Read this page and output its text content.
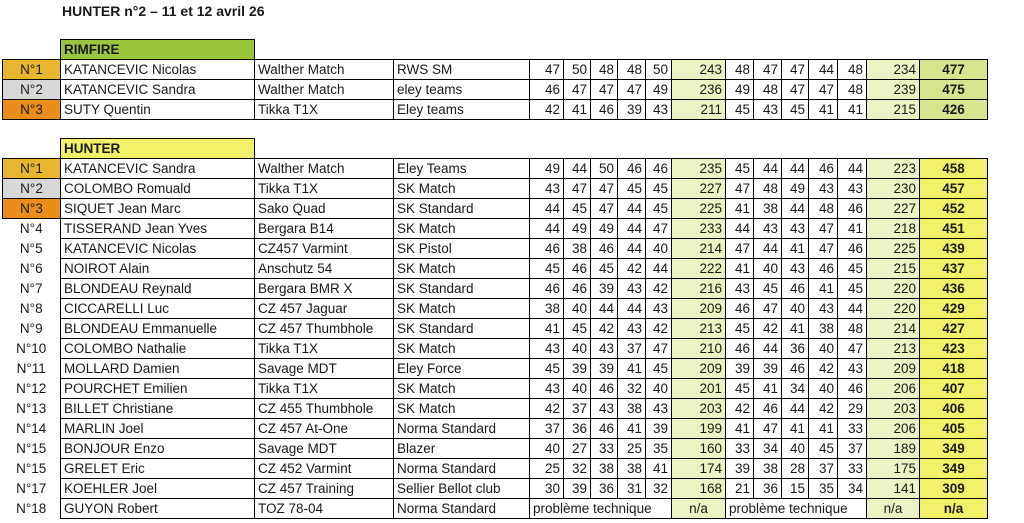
HUNTER n°2 – 11 et 12 avril 26
	RIMFIRE															
N°1	KATANCEVIC Nicolas	Walther Match	RWS SM	47	50	48	48	50	243	48	47	47	44	48	234	477
N°2	KATANCEVIC Sandra	Walther Match	eley teams	46	47	47	47	49	236	49	48	47	47	48	239	475
N°3	SUTY Quentin	Tikka T1X	Eley teams	42	41	46	39	43	211	45	43	45	41	41	215	426

	HUNTER															
N°1	KATANCEVIC Sandra	Walther Match	Eley Teams	49	44	50	46	46	235	45	44	44	46	44	223	458
N°2	COLOMBO Romuald	Tikka T1X	SK Match	43	47	47	45	45	227	47	48	49	43	43	230	457
N°3	SIQUET Jean Marc	Sako Quad	SK Standard	44	45	47	44	45	225	41	38	44	48	46	227	452
N°4	TISSERAND Jean Yves	Bergara B14	SK Match	44	49	49	44	47	233	44	43	43	47	41	218	451
N°5	KATANCEVIC Nicolas	CZ457 Varmint	SK Pistol	46	38	46	44	40	214	47	44	41	47	46	225	439
N°6	NOIROT Alain	Anschutz 54	SK Match	45	46	45	42	44	222	41	40	43	46	45	215	437
N°7	BLONDEAU Reynald	Bergara BMR X	SK Standard	46	46	39	43	42	216	43	45	46	41	45	220	436
N°8	CICCARELLI Luc	CZ 457 Jaguar	SK Match	38	40	44	44	43	209	46	47	40	43	44	220	429
N°9	BLONDEAU Emmanuelle	CZ 457 Thumbhole	SK Standard	41	45	42	43	42	213	45	42	41	38	48	214	427
N°10	COLOMBO Nathalie	Tikka T1X	SK Match	43	40	43	37	47	210	46	44	36	40	47	213	423
N°11	MOLLARD Damien	Savage MDT	Eley Force	45	39	39	41	45	209	39	39	46	42	43	209	418
N°12	POURCHET Emilien	Tikka T1X	SK Match	43	40	46	32	40	201	45	41	34	40	46	206	407
N°13	BILLET Christiane	CZ 455 Thumbhole	SK Match	42	37	43	38	43	203	42	46	44	42	29	203	406
N°14	MARLIN Joel	CZ 457 At-One	Norma Standard	37	36	46	41	39	199	41	47	41	41	33	206	405
N°15	BONJOUR Enzo	Savage MDT	Blazer	40	27	33	25	35	160	33	34	40	45	37	189	349
N°15	GRELET Eric	CZ 452 Varmint	Norma Standard	25	32	38	38	41	174	39	38	28	37	33	175	349
N°17	KOEHLER Joel	CZ 457 Training	Sellier Bellot club	30	39	36	31	32	168	21	36	15	35	34	141	309
N°18	GUYON Robert	TOZ 78-04	Norma Standard	problème technique					n/a	problème technique					n/a	n/a
